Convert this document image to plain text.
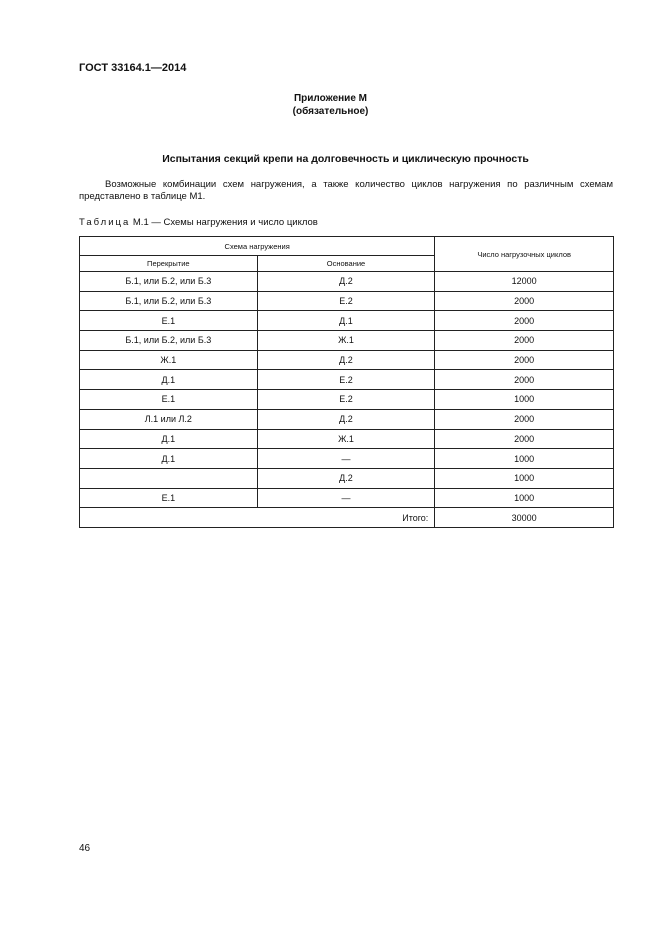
ГОСТ 33164.1—2014
Приложение М
(обязательное)
Испытания секций крепи на долговечность и циклическую прочность
Возможные комбинации схем нагружения, а также количество циклов нагружения по различным схемам
представлено в таблице М1.
Таблица М.1 — Схемы нагружения и число циклов
Схема нагружения		Число нагрузочных циклов
Перекрытие	Основание	
Б.1, или Б.2, или Б.3	Д.2	12000
Б.1, или Б.2, или Б.3	Е.2	2000
Е.1	Д.1	2000
Б.1, или Б.2, или Б.3	Ж.1	2000
Ж.1	Д.2	2000
Д.1	Е.2	2000
Е.1	Е.2	1000
Л.1 или Л.2	Д.2	2000
Д.1	Ж.1	2000
Д.1	—	1000
	Д.2	1000
Е.1	—	1000
Итого:		30000
46
